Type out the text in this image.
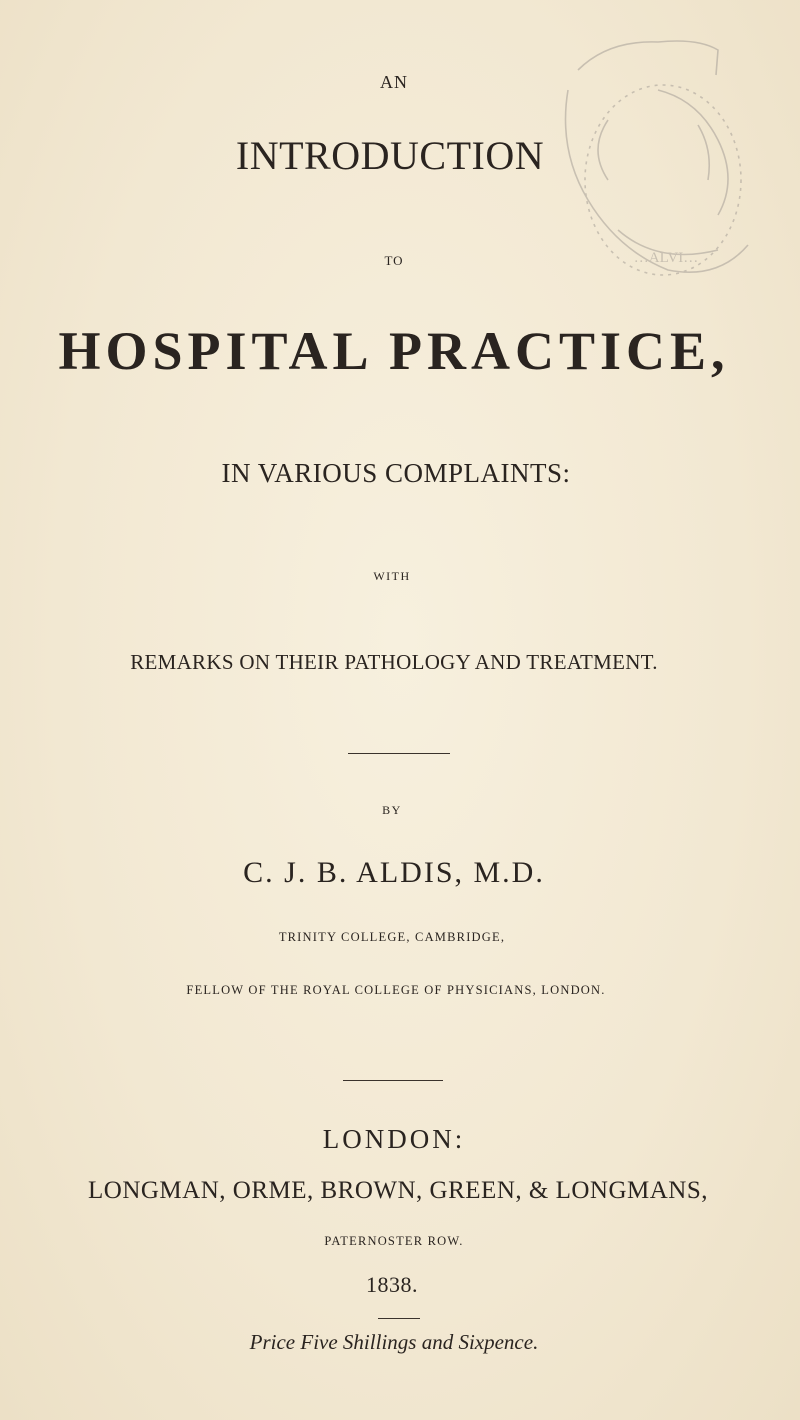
…ALVI…
AN
INTRODUCTION
TO
HOSPITAL PRACTICE,
IN VARIOUS COMPLAINTS:
WITH
REMARKS ON THEIR PATHOLOGY AND TREATMENT.
BY
C. J. B. ALDIS, M.D.
TRINITY COLLEGE, CAMBRIDGE,
FELLOW OF THE ROYAL COLLEGE OF PHYSICIANS, LONDON.
LONDON:
LONGMAN, ORME, BROWN, GREEN, & LONGMANS,
PATERNOSTER ROW.
1838.
Price Five Shillings and Sixpence.
